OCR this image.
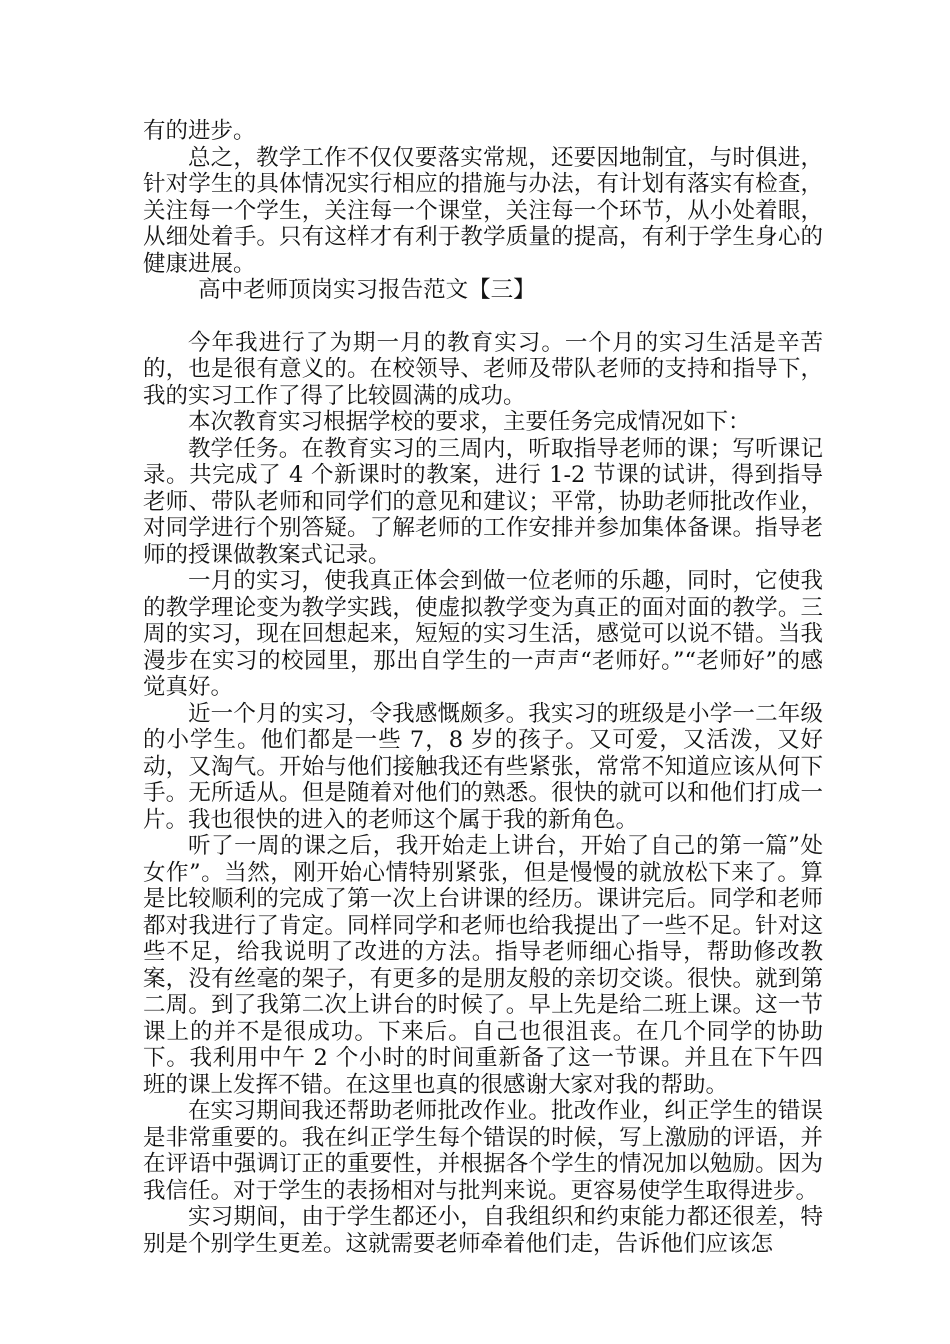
有的进步。

总之，教学工作不仅仅要落实常规，还要因地制宜，与时俱进，针对学生的具体情况实行相应的措施与办法，有计划有落实有检查，关注每一个学生，关注每一个课堂，关注每一个环节，从小处着眼，从细处着手。只有这样才有利于教学质量的提高，有利于学生身心的健康进展。

高中老师顶岗实习报告范文【三】

今年我进行了为期一月的教育实习。一个月的实习生活是辛苦的，也是很有意义的。在校领导、老师及带队老师的支持和指导下，我的实习工作了得了比较圆满的成功。

本次教育实习根据学校的要求，主要任务完成情况如下：

教学任务。在教育实习的三周内，听取指导老师的课；写听课记录。共完成了 4 个新课时的教案，进行 1-2 节课的试讲，得到指导老师、带队老师和同学们的意见和建议；平常，协助老师批改作业，对同学进行个别答疑。了解老师的工作安排并参加集体备课。指导老师的授课做教案式记录。

一月的实习，使我真正体会到做一位老师的乐趣，同时，它使我的教学理论变为教学实践，使虚拟教学变为真正的面对面的教学。三周的实习，现在回想起来，短短的实习生活，感觉可以说不错。当我漫步在实习的校园里，那出自学生的一声声“老师好。”“老师好”的感觉真好。

近一个月的实习，令我感慨颇多。我实习的班级是小学一二年级的小学生。他们都是一些 7，8 岁的孩子。又可爱，又活泼，又好动，又淘气。开始与他们接触我还有些紧张，常常不知道应该从何下手。无所适从。但是随着对他们的熟悉。很快的就可以和他们打成一片。我也很快的进入的老师这个属于我的新角色。

听了一周的课之后，我开始走上讲台，开始了自己的第一篇”处女作”。当然，刚开始心情特别紧张，但是慢慢的就放松下来了。算是比较顺利的完成了第一次上台讲课的经历。课讲完后。同学和老师都对我进行了肯定。同样同学和老师也给我提出了一些不足。针对这些不足，给我说明了改进的方法。指导老师细心指导，帮助修改教案，没有丝毫的架子，有更多的是朋友般的亲切交谈。很快。就到第二周。到了我第二次上讲台的时候了。早上先是给二班上课。这一节课上的并不是很成功。下来后。自己也很沮丧。在几个同学的协助下。我利用中午 2 个小时的时间重新备了这一节课。并且在下午四班的课上发挥不错。在这里也真的很感谢大家对我的帮助。

在实习期间我还帮助老师批改作业。批改作业，纠正学生的错误是非常重要的。我在纠正学生每个错误的时候，写上激励的评语，并在评语中强调订正的重要性，并根据各个学生的情况加以勉励。因为我信任。对于学生的表扬相对与批判来说。更容易使学生取得进步。

实习期间，由于学生都还小，自我组织和约束能力都还很差，特别是个别学生更差。这就需要老师牵着他们走，告诉他们应该怎
